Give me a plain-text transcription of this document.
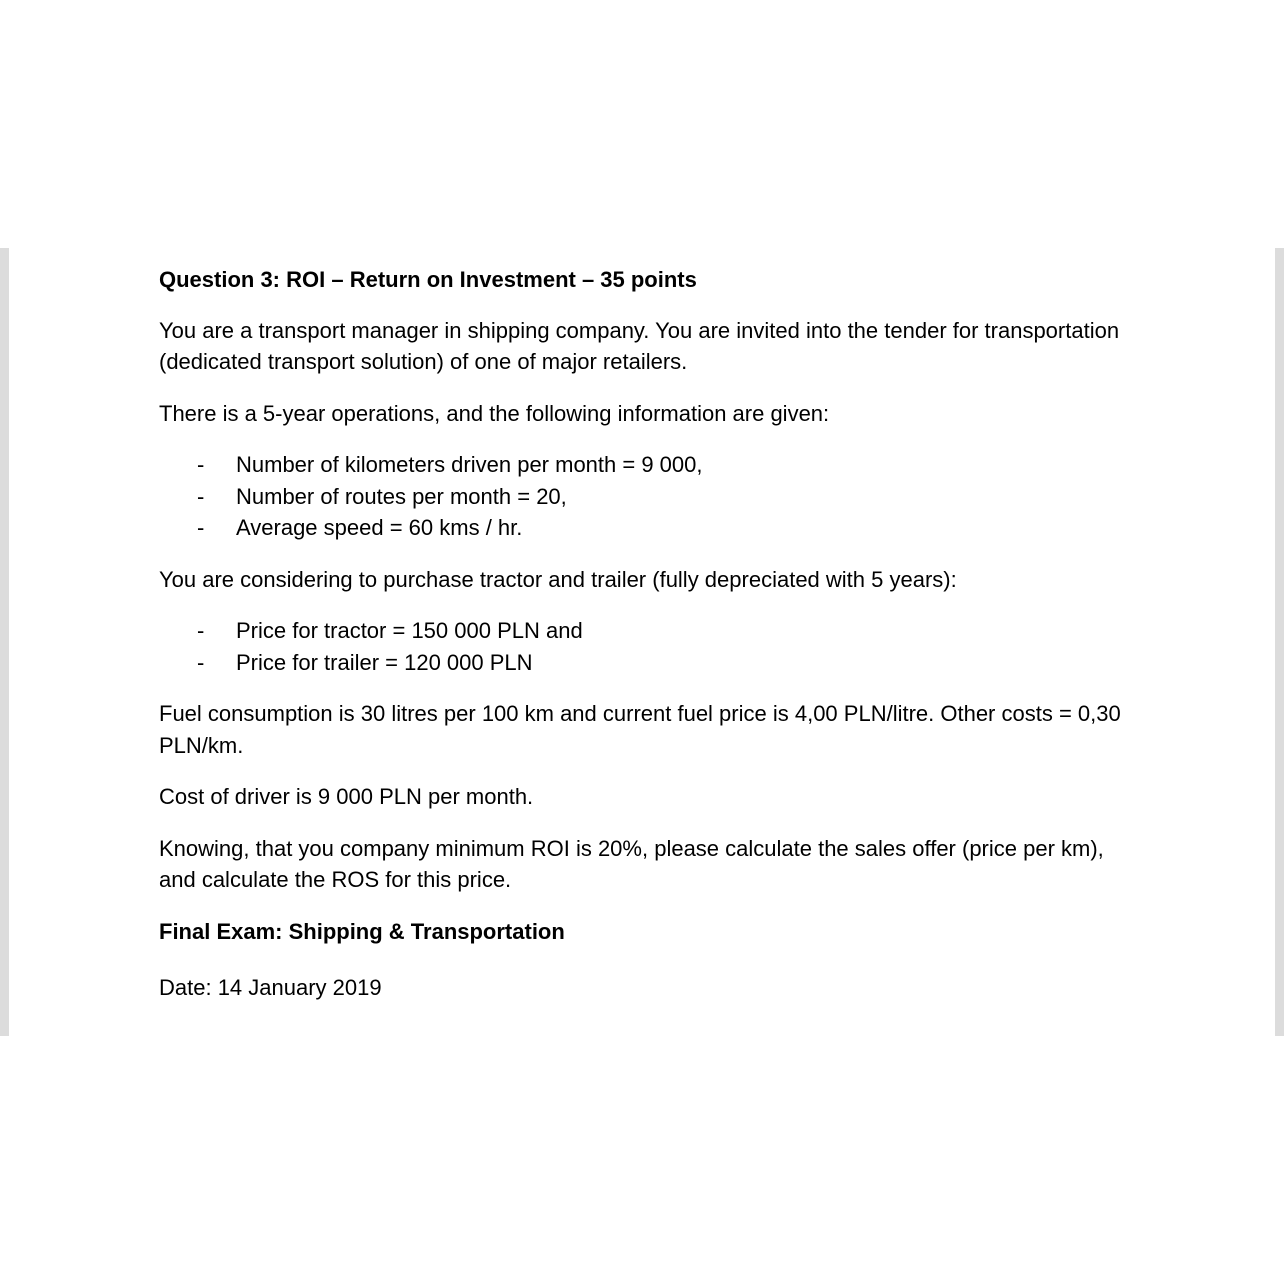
Question 3: ROI – Return on Investment – 35 points

You are a transport manager in shipping company. You are invited into the tender for transportation (dedicated transport solution) of one of major retailers.

There is a 5-year operations, and the following information are given:

- Number of kilometers driven per month = 9 000,
- Number of routes per month = 20,
- Average speed = 60 kms / hr.

You are considering to purchase tractor and trailer (fully depreciated with 5 years):

- Price for tractor = 150 000 PLN and
- Price for trailer = 120 000 PLN

Fuel consumption is 30 litres per 100 km and current fuel price is 4,00 PLN/litre. Other costs = 0,30 PLN/km.

Cost of driver is 9 000 PLN per month.

Knowing, that you company minimum ROI is 20%, please calculate the sales offer (price per km), and calculate the ROS for this price.

Final Exam: Shipping & Transportation

Date: 14 January 2019
